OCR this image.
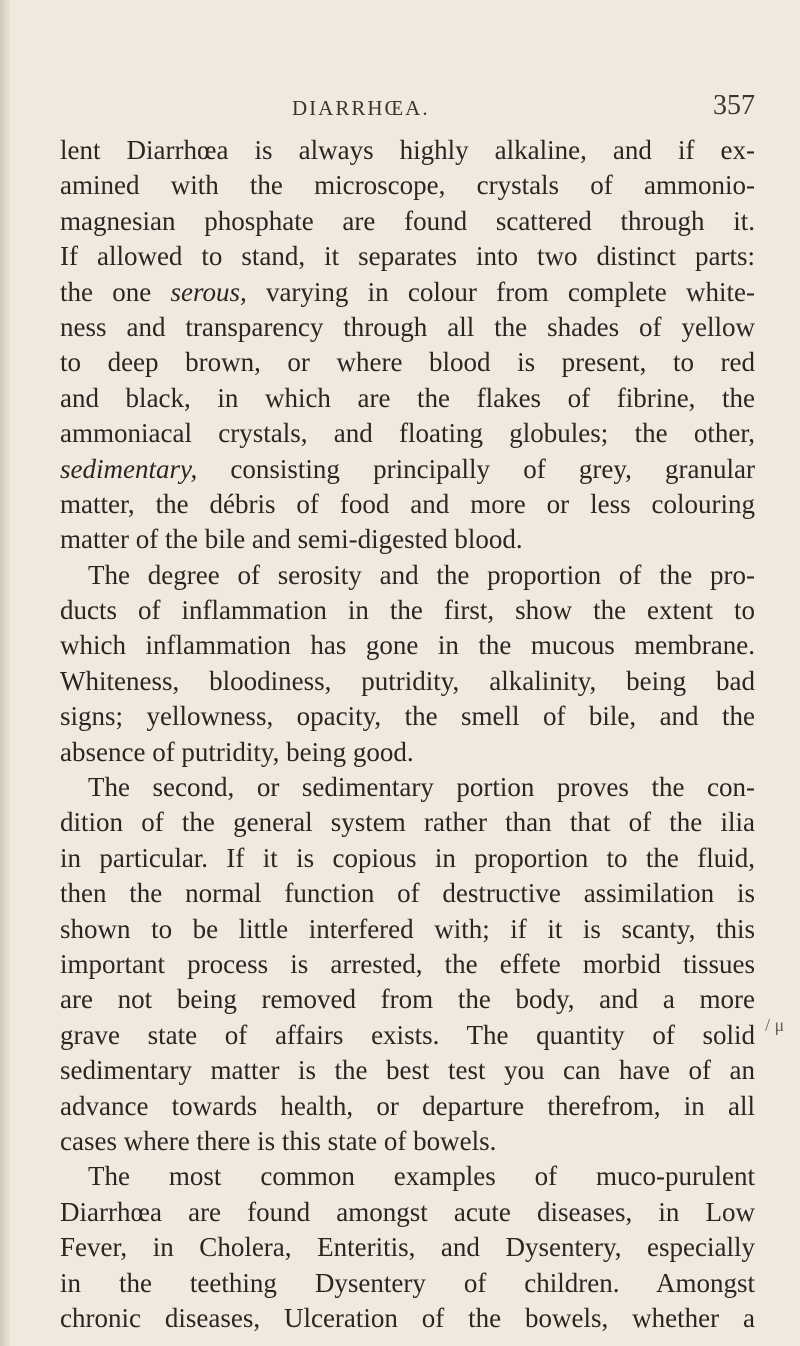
DIARRHŒA.	357
lent Diarrhœa is always highly alkaline, and if ex-
amined with the microscope, crystals of ammonio-
magnesian phosphate are found scattered through it.
If allowed to stand, it separates into two distinct parts:
the one serous, varying in colour from complete white-
ness and transparency through all the shades of yellow
to deep brown, or where blood is present, to red
and black, in which are the flakes of fibrine, the
ammoniacal crystals, and floating globules; the other,
sedimentary, consisting principally of grey, granular
matter, the débris of food and more or less colouring
matter of the bile and semi-digested blood.
The degree of serosity and the proportion of the pro-
ducts of inflammation in the first, show the extent to
which inflammation has gone in the mucous membrane.
Whiteness, bloodiness, putridity, alkalinity, being bad
signs; yellowness, opacity, the smell of bile, and the
absence of putridity, being good.
The second, or sedimentary portion proves the con-
dition of the general system rather than that of the ilia
in particular. If it is copious in proportion to the fluid,
then the normal function of destructive assimilation is
shown to be little interfered with; if it is scanty, this
important process is arrested, the effete morbid tissues
are not being removed from the body, and a more
grave state of affairs exists. The quantity of solid
sedimentary matter is the best test you can have of an
advance towards health, or departure therefrom, in all
cases where there is this state of bowels.
The most common examples of muco-purulent
Diarrhœa are found amongst acute diseases, in Low
Fever, in Cholera, Enteritis, and Dysentery, especially
in the teething Dysentery of children. Amongst
chronic diseases, Ulceration of the bowels, whether a
/ μ
